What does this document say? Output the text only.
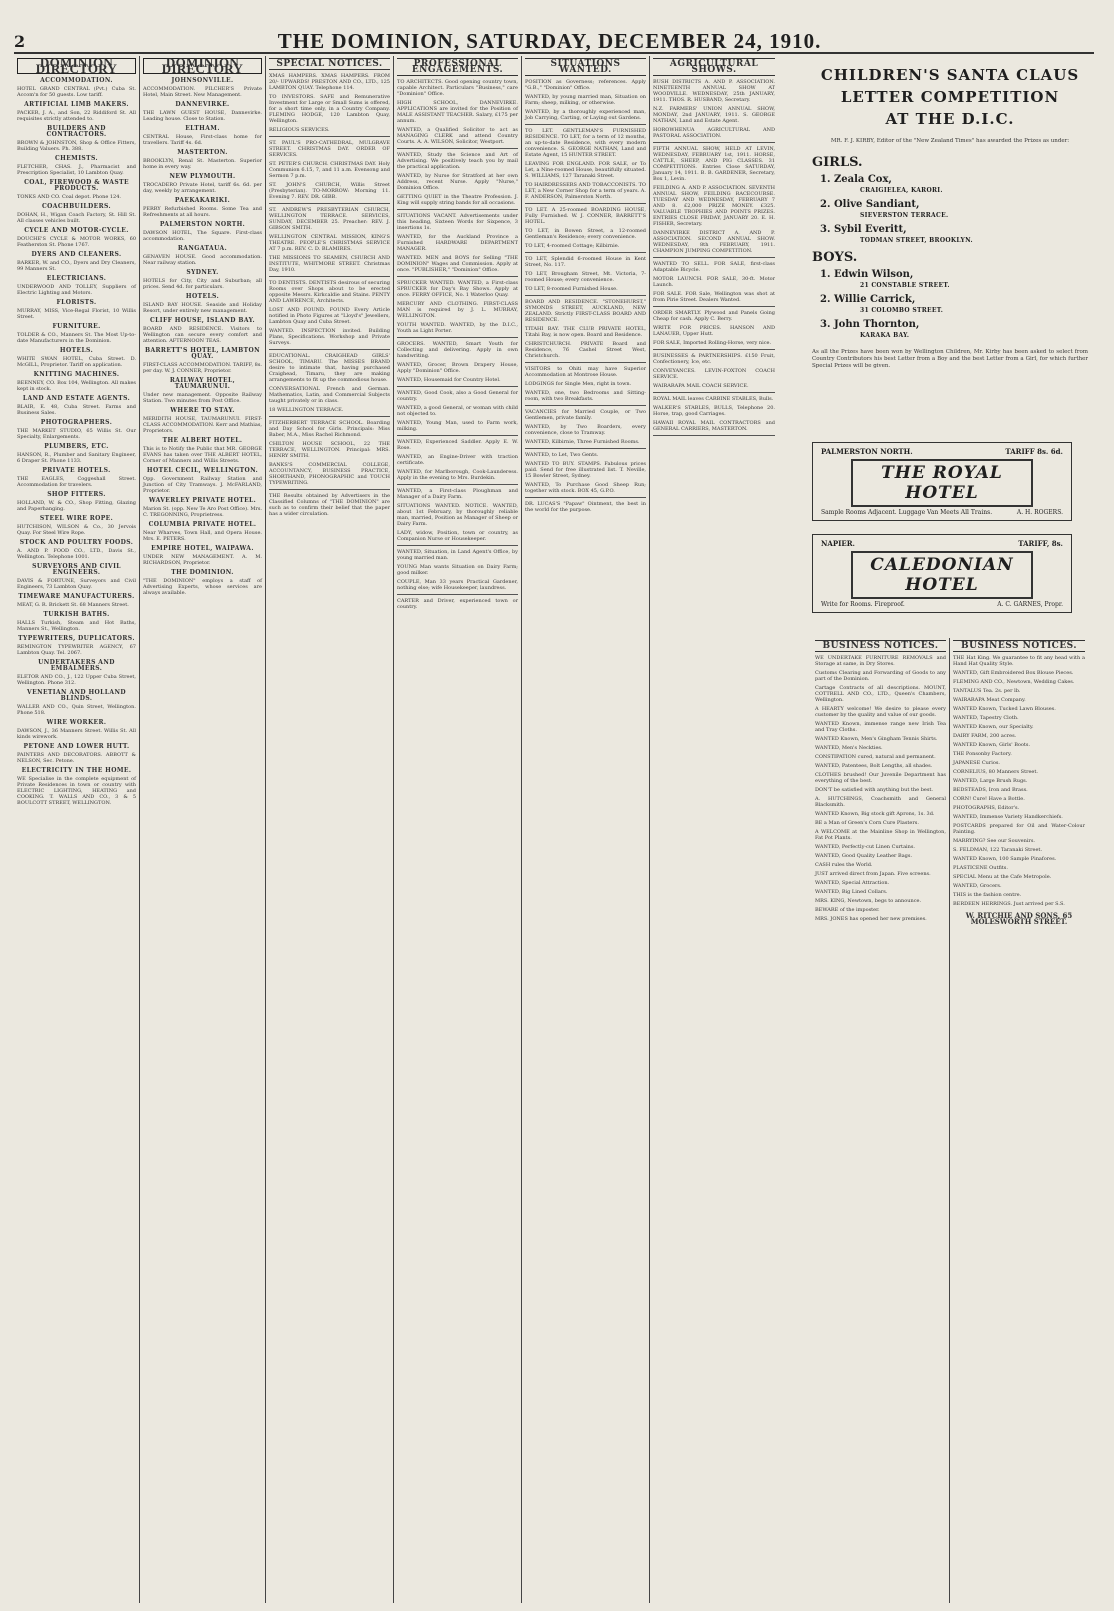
2	THE DOMINION, SATURDAY, DECEMBER 24, 1910.
DOMINION DIRECTORY
ACCOMMODATION.
HOTEL GRAND CENTRAL (Pvt.) Cuba St. Accom'n for 50 guests. Low tariff.
ARTIFICIAL LIMB MAKERS.
PACKER, J. A., and Son, 22 Riddiford St. All requisites strictly attended to.
BUILDERS AND CONTRACTORS.
BROWN & JOHNSTON, Shop & Office Fitters, Building Valuers. Ph. 388.
CHEMISTS.
FLETCHER, CHAS. J., Pharmacist and Prescription Specialist, 10 Lambton Quay.
COAL, FIREWOOD & WASTE PRODUCTS.
TONKS AND CO. Coal depot. Phone 124.
COACHBUILDERS.
DOHAN, H., Wigan Coach Factory, St. Hill St. All classes vehicles built.
CYCLE AND MOTOR-CYCLE.
DOUCHE'S CYCLE & MOTOR WORKS, 60 Featherston St. Phone 1767.
DYERS AND CLEANERS.
BARKER, W. and CO., Dyers and Dry Cleaners, 99 Manners St.
ELECTRICIANS.
UNDERWOOD AND TOLLEY, Suppliers of Electric Lighting and Motors.
FLORISTS.
MURRAY, MISS, Vice-Regal Florist, 10 Willis Street.
FURNITURE.
TOLDER & CO., Manners St. The Most Up-to-date Manufacturers in the Dominion.
HOTELS.
WHITE SWAN HOTEL, Cuba Street. D. McGILL, Proprietor. Tariff on application.
KNITTING MACHINES.
BEENNEY, CO. Box 104, Wellington. All makes kept in stock.
LAND AND ESTATE AGENTS.
BLAIR, E. 48, Cuba Street. Farms and Business Sales.
PHOTOGRAPHERS.
THE MARKET STUDIO, 65 Willis St. Our Specialty, Enlargements.
PLUMBERS, ETC.
HANSON, R., Plumber and Sanitary Engineer, 6 Draper St. Phone 1133.
PRIVATE HOTELS.
THE EAGLES, Coggeshall Street. Accommodation for travelers.
SHOP FITTERS.
HOLLAND, W. & CO., Shop Fitting, Glazing and Paperhanging.
STEEL WIRE ROPE.
HUTCHISON, WILSON & Co., 30 Jervois Quay. For Steel Wire Rope.
STOCK AND POULTRY FOODS.
A. AND P. FOOD CO., LTD., Davis St., Wellington. Telephone 1001.
SURVEYORS AND CIVIL ENGINEERS.
DAVIS & FORTUNE, Surveyors and Civil Engineers, 73 Lambton Quay.
TIMEWARE MANUFACTURERS.
MEAT, G. R. Brickett St. 68 Manners Street.
TURKISH BATHS.
HALLS Turkish, Steam and Hot Baths, Manners St., Wellington.
TYPEWRITERS, DUPLICATORS.
REMINGTON TYPEWRITER AGENCY, 67 Lambton Quay. Tel. 2067.
UNDERTAKERS AND EMBALMERS.
ELETOR AND CO., J., 122 Upper Cuba Street, Wellington. Phone 312.
VENETIAN AND HOLLAND BLINDS.
WALLER AND CO., Quin Street, Wellington. Phone 518.
WIRE WORKER.
DAWSON, J., 36 Manners Street. Willis St. All kinds wirework.
PETONE AND LOWER HUTT.
PAINTERS AND DECORATORS. ABBOTT & NELSON, Sec. Petone.
ELECTRICITY IN THE HOME.
WE Specialise in the complete equipment of Private Residences in town or country with ELECTRIC LIGHTING, HEATING and COOKING. T. WALLS AND CO., 3 & 5 BOULCOTT STREET, WELLINGTON.
DOMINION DIRECTORY
JOHNSONVILLE.
ACCOMMODATION. PILCHER'S Private Hotel, Main Street. New Management.
DANNEVIRKE.
THE LAWN GUEST HOUSE, Dannevirke. Leading house. Close to Station.
ELTHAM.
CENTRAL House, First-class home for travellers. Tariff 4s. 6d.
MASTERTON.
BROOKLYN, Renal St. Masterton. Superior home in every way.
NEW PLYMOUTH.
TROCADERO Private Hotel, tariff 6s. 6d. per day, weekly by arrangement.
PAEKAKARIKI.
PERRY Refurbished Rooms. Some Tea and Refreshments at all hours.
PALMERSTON NORTH.
DAWSON HOTEL, The Square. First-class accommodation.
RANGATAUA.
GENAVEN HOUSE. Good accommodation. Near railway station.
SYDNEY.
HOTELS for City, City and Suburban; all prices. Send 4d. for particulars.
HOTELS.
ISLAND BAY HOUSE. Seaside and Holiday Resort, under entirely new management.
CLIFF HOUSE, ISLAND BAY.
BOARD AND RESIDENCE. Visitors to Wellington can secure every comfort and attention. AFTERNOON TEAS.
BARRETT'S HOTEL, LAMBTON QUAY.
FIRST-CLASS ACCOMMODATION. TARIFF, 8s. per day. W. J. CONNER, Proprietor.
RAILWAY HOTEL, TAUMARUNUI.
Under new management. Opposite Railway Station. Two minutes from Post Office.
WHERE TO STAY.
MERIDITH HOUSE, TAUMARUNUI. FIRST-CLASS ACCOMMODATION. Kerr and Mathias, Proprietors.
THE ALBERT HOTEL.
This is to Notify the Public that MR. GEORGE EVANS has taken over THE ALBERT HOTEL, Corner of Manners and Willis Streets.
HOTEL CECIL, WELLINGTON.
Opp. Government Railway Station and Junction of City Tramways. J. McFARLAND, Proprietor.
WAVERLEY PRIVATE HOTEL.
Marion St. (opp. New Te Aro Post Office). Mrs. C. TREGONNING, Proprietress.
COLUMBIA PRIVATE HOTEL.
Near Wharves, Town Hall, and Opera House. Mrs. E. PETERS.
EMPIRE HOTEL, WAIPAWA.
UNDER NEW MANAGEMENT. A. M. RICHARDSON, Proprietor.
THE DOMINION.
"THE DOMINION" employs a staff of Advertising Experts, whose services are always available.
SPECIAL NOTICES.
XMAS HAMPERS. XMAS HAMPERS. FROM 20/- UPWARDS! PRESTON AND CO., LTD., 125 LAMBTON QUAY. Telephone 114.
TO INVESTORS. SAFE and Remunerative Investment for Large or Small Sums is offered, for a short time only, in a Country Company. FLEMING HODGE, 120 Lambton Quay, Wellington.
RELIGIOUS SERVICES.
ST. PAUL'S PRO-CATHEDRAL, MULGRAVE STREET. CHRISTMAS DAY. ORDER OF SERVICES.
ST. PETER'S CHURCH. CHRISTMAS DAY. Holy Communion 6.15, 7, and 11 a.m. Evensong and Sermon 7 p.m.
ST. JOHN'S CHURCH, Willis Street (Presbyterian). TO-MORROW: Morning 11. Evening 7. REV. DR. GIBB.
ST. ANDREW'S PRESBYTERIAN CHURCH, WELLINGTON TERRACE. SERVICES, SUNDAY, DECEMBER 25. Preacher: REV. J. GIBSON SMITH.
WELLINGTON CENTRAL MISSION, KING'S THEATRE. PEOPLE'S CHRISTMAS SERVICE AT 7 p.m. REV. C. D. BLAMIRES.
THE MISSIONS TO SEAMEN, CHURCH AND INSTITUTE, WHITMORE STREET. Christmas Day, 1910.
TO DENTISTS. DENTISTS desirous of securing Rooms over Shops about to be erected opposite Messrs. Kirkcaldie and Stains. PENTY AND LAWRENCE, Architects.
LOST AND FOUND. FOUND Every Article notified in Photo Figures at "Lloyd's" Jewellers, Lambton Quay and Cuba Street.
WANTED. INSPECTION invited. Building Plans, Specifications. Workshop and Private Surveys.
EDUCATIONAL. CRAIGHEAD GIRLS' SCHOOL, TIMARU. The MISSES BRAND desire to intimate that, having purchased Craighead, Timaru, they are making arrangements to fit up the commodious house.
CONVERSATIONAL French and German. Mathematics, Latin, and Commercial Subjects taught privately or in class.
18 WELLINGTON TERRACE.
FITZHERBERT TERRACE SCHOOL. Boarding and Day School for Girls. Principals: Miss Baber, M.A., Miss Rachel Richmond.
CHILTON HOUSE SCHOOL, 22 THE TERRACE, WELLINGTON. Principal: MRS. HENRY SMITH.
BANKS'S COMMERCIAL COLLEGE, ACCOUNTANCY, BUSINESS PRACTICE, SHORTHAND, PHONOGRAPHIC and TOUCH TYPEWRITING.
THE Results obtained by Advertisers in the Classified Columns of "THE DOMINION" are such as to confirm their belief that the paper has a wider circulation.
PROFESSIONAL ENGAGEMENTS.
TO ARCHITECTS. Good opening country town, capable Architect. Particulars "Business," care "Dominion" Office.
HIGH SCHOOL, DANNEVIRKE. APPLICATIONS are invited for the Position of MALE ASSISTANT TEACHER. Salary, £175 per annum.
WANTED, a Qualified Solicitor to act as MANAGING CLERK and attend Country Courts. A. A. WILSON, Solicitor, Westport.
WANTED, Study the Science and Art of Advertising. We positively teach you by mail the practical application.
WANTED, by Nurse for Stratford at her own Address, recent Nurse. Apply "Nurse," Dominion Office.
GETTING QUIET in the Theatre Profession. J. King will supply string bands for all occasions.
SITUATIONS VACANT. Advertisements under this heading, Sixteen Words for Sixpence, 3 insertions 1s.
WANTED, for the Auckland Province a Furnished HARDWARE DEPARTMENT MANAGER.
WANTED. MEN and BOYS for Selling "THE DOMINION" Wages and Commission. Apply at once. "PUBLISHER," "Dominion" Office.
SPRUCKER WANTED. WANTED, a First-class SPRUCKER for Day's Bay Shows. Apply at once. FERRY OFFICE, No. 1 Waterloo Quay.
MERCURY AND CLOTHING. FIRST-CLASS MAN is required by J. L. MURRAY, WELLINGTON.
YOUTH WANTED. WANTED, by the D.I.C., Youth as Light Porter.
GROCERS. WANTED, Smart Youth for Collecting and delivering. Apply in own handwriting.
WANTED, Grocer, Brown Drapery House, Apply "Dominion" Office.
WANTED, Housemaid for Country Hotel.
WANTED, Good Cook, also a Good General for country.
WANTED, a good General, or woman with child not objected to.
WANTED, Young Man, used to Farm work, milking.
WANTED, Experienced Saddler. Apply E. W. Rose.
WANTED, an Engine-Driver with traction certificate.
WANTED, for Marlborough, Cook-Launderess. Apply in the evening to Mrs. Burdekin.
WANTED, a First-class Ploughman and Manager of a Dairy Farm.
SITUATIONS WANTED. NOTICE. WANTED, about 1st February, by thoroughly reliable man, married, Position as Manager of Sheep or Dairy Farm.
LADY, widow, Position, town or country, as Companion Nurse or Housekeeper.
WANTED, Situation, in Land Agent's Office, by young married man.
YOUNG Man wants Situation on Dairy Farm; good milker.
COUPLE, Man 33 years Practical Gardener, nothing else; wife Housekeeper, laundress.
CARTER and Driver, experienced town or country.
SITUATIONS WANTED.
POSITION as Governess; references. Apply "G.B.," "Dominion" Office.
WANTED, by young married man, Situation on Farm; sheep, milking, or otherwise.
WANTED, by a thoroughly experienced man, Job Carrying, Carting, or Laying out Gardens.
TO LET. GENTLEMAN'S FURNISHED RESIDENCE. TO LET, for a term of 12 months, an up-to-date Residence, with every modern convenience. S. GEORGE NATHAN, Land and Estate Agent, 15 HUNTER STREET.
LEAVING FOR ENGLAND. FOR SALE, or To Let, a Nine-roomed House, beautifully situated. S. WILLIAMS, 127 Taranaki Street.
TO HAIRDRESSERS AND TOBACCONISTS. TO LET, a New Corner Shop for a term of years. A. F. ANDERSON, Palmerston North.
TO LET. A 25-roomed BOARDING HOUSE, Fully Furnished. W. J. CONNER, BARRETT'S HOTEL.
TO LET, in Bowen Street, a 12-roomed Gentleman's Residence; every convenience.
TO LET, 4-roomed Cottage; Kilbirnie.
TO LET, Splendid 6-roomed House in Kent Street, No. 117.
TO LET, Brougham Street, Mt. Victoria, 7-roomed House; every convenience.
TO LET, 8-roomed Furnished House.
BOARD AND RESIDENCE. "STONEHURST," SYMONDS STREET, AUCKLAND, NEW ZEALAND. Strictly FIRST-CLASS BOARD AND RESIDENCE.
TITAHI BAY. THE CLUB PRIVATE HOTEL, Titahi Bay, is now open. Board and Residence.
CHRISTCHURCH. PRIVATE Board and Residence, 76 Cashel Street West, Christchurch.
VISITORS to Ohiti may have Superior Accommodation at Montrose House.
LODGINGS for Single Men, right in town.
WANTED, one, two Bedrooms and Sitting-room, with two Breakfasts.
VACANCIES for Married Couple, or Two Gentlemen, private family.
WANTED, by Two Boarders, every convenience, close to Tramway.
WANTED, Kilbirnie, Three Furnished Rooms.
WANTED, to Let, Two Gents.
WANTED TO BUY. STAMPS. Fabulous prices paid. Send for free illustrated list. T. Neville, 15 Bowler Street, Sydney.
WANTED, To Purchase Good Sheep Run; together with stock. BOX 45, G.P.O.
DR. LUCAS'S "Papaw" Ointment, the best in the world for the purpose.
AGRICULTURAL SHOWS.
BUSH DISTRICTS A. AND P. ASSOCIATION. NINETEENTH ANNUAL SHOW AT WOODVILLE. WEDNESDAY, 25th JANUARY, 1911. THOS. R. HUSBAND, Secretary.
N.Z. FARMERS' UNION ANNUAL SHOW, MONDAY, 2nd JANUARY, 1911. S. GEORGE NATHAN, Land and Estate Agent.
HOROWHENUA AGRICULTURAL AND PASTORAL ASSOCIATION.
FIFTH ANNUAL SHOW, HELD AT LEVIN, WEDNESDAY, FEBRUARY 1st, 1911. HORSE, CATTLE, SHEEP, AND PIG CLASSES. 31 COMPETITIONS. Entries Close SATURDAY, January 14, 1911. B. B. GARDENER, Secretary, Box 1, Levin.
FEILDING A. AND P. ASSOCIATION. SEVENTH ANNUAL SHOW, FEILDING RACECOURSE. TUESDAY AND WEDNESDAY, FEBRUARY 7 AND 8. £2,000 PRIZE MONEY. £325. VALUABLE TROPHIES AND POINTS PRIZES. ENTRIES CLOSE FRIDAY, JANUARY 20. E. H. FISHER, Secretary.
DANNEVIRKE DISTRICT A. AND P. ASSOCIATION. SECOND ANNUAL SHOW. WEDNESDAY, 8th FEBRUARY, 1911. CHAMPION JUMPING COMPETITION.
WANTED TO SELL. FOR SALE, first-class Adaptable Bicycle.
MOTOR LAUNCH. FOR SALE, 30-ft. Motor Launch.
FOR SALE. FOR Sale, Wellington was shot at from Pirie Street. Dealers Wanted.
ORDER SMARTLY. Plywood and Panels Going Cheap for cash. Apply C. Berry.
WRITE FOR PRICES. HANSON AND LANAUER, Upper Hutt.
FOR SALE, Imported Rolling-Horse, very nice.
BUSINESSES & PARTNERSHIPS. £150 Fruit, Confectionery, Ice, etc.
CONVEYANCES. LEVIN-FOXTON COACH SERVICE.
WAIRARAPA MAIL COACH SERVICE.
ROYAL MAIL leaves CARBINE STABLES, Bulls.
WALKER'S STABLES, BULLS, Telephone 20. Horse, trap, good Carriages.
HAWAII ROYAL MAIL CONTRACTORS and GENERAL CARRIERS, MASTERTON.
CHILDREN'S SANTA CLAUS
LETTER COMPETITION
AT THE D.I.C.
MR. F. J. KIRBY, Editor of the "New Zealand Times" has awarded the Prizes as under:
GIRLS.
1. Zeala Cox,
CRAIGIELEA, KARORI.
2. Olive Sandiant,
SIEVERSTON TERRACE.
3. Sybil Everitt,
TODMAN STREET, BROOKLYN.
BOYS.
1. Edwin Wilson,
21 CONSTABLE STREET.
2. Willie Carrick,
31 COLOMBO STREET.
3. John Thornton,
KARAKA BAY.
As all the Prizes have been won by Wellington Children, Mr. Kirby has been asked to select from Country Contributors his best Letter from a Boy and the best Letter from a Girl, for which further Special Prizes will be given.
PALMERSTON NORTH.	TARIFF 8s. 6d.
THE ROYAL HOTEL
Sample Rooms Adjacent. Luggage Van Meets All Trains.	A. H. ROGERS.
NAPIER.	TARIFF, 8s.
CALEDONIAN HOTEL
Write for Rooms. Fireproof.	A. C. GARNES, Propr.
BUSINESS NOTICES.
WE UNDERTAKE FURNITURE REMOVALS and Storage at same, in Dry Stores.
Customs Clearing and Forwarding of Goods to any part of the Dominion.
Cartage Contracts of all descriptions. MOUNT, COTTRELL AND CO., LTD., Queen's Chambers, Wellington.
A HEARTY welcome! We desire to please every customer by the quality and value of our goods.
WANTED Known, immense range new Irish Tea and Tray Cloths.
WANTED Known, Men's Gingham Tennis Shirts.
WANTED, Men's Neckties.
CONSTIPATION cured, natural and permanent.
WANTED, Patentees, Bolt Lengths, all shades.
CLOTHES brushed! Our Juvenile Department has everything of the best.
DON'T be satisfied with anything but the best.
A. HUTCHINGS, Coachsmith and General Blacksmith.
WANTED Known, Big stock gift Aprons, 1s. 3d.
BE a Man of Green's Corn Cure Plasters.
A WELCOME at the Mainline Shop in Wellington, Fat Pot Plants.
WANTED, Perfectly-cut Linen Curtains.
WANTED, Good Quality Leather Bags.
CASH rules the World.
JUST arrived direct from Japan. Five screens.
WANTED, Special Attraction.
WANTED, Big Lined Collars.
MRS. KING, Newtown, begs to announce.
BEWARE of the imposter.
MRS. JONES has opened her new premises.
BUSINESS NOTICES.
THE Hat King. We guarantee to fit any head with a Hand Hat Quality Style.
WANTED, Gift Embroidered Box Blouse Pieces.
FLEMING AND CO., Newtown, Wedding Cakes.
TANTALUS Tea. 2s. per lb.
WAIRARAPA Meat Company.
WANTED Known, Tucked Lawn Blouses.
WANTED, Tapestry Cloth.
WANTED Known, our Specialty.
DAIRY FARM, 200 acres.
WANTED Known, Girls' Boots.
THE Ponsonby Factory.
JAPANESE Curios.
CORNELIUS, 80 Manners Street.
WANTED, Large Brush Rugs.
BEDSTEADS, Iron and Brass.
CORN! Cure! Have a Bottle.
PHOTOGRAPHS, Editor's.
WANTED, Immense Variety Handkerchiefs.
POSTCARDS prepared for Oil and Water-Colour Painting.
MARRYING? See our Souvenirs.
S. FELDMAN, 122 Taranaki Street.
WANTED Known, 100 Sample Pinafores.
PLASTICENE Outfits.
SPECIAL Menu at the Cafe Metropole.
WANTED, Grocers.
THIS is the fashion centre.
BERDEEN HERRINGS. Just arrived per S.S.
W. RITCHIE AND SONS, 65 MOLESWORTH STREET.
